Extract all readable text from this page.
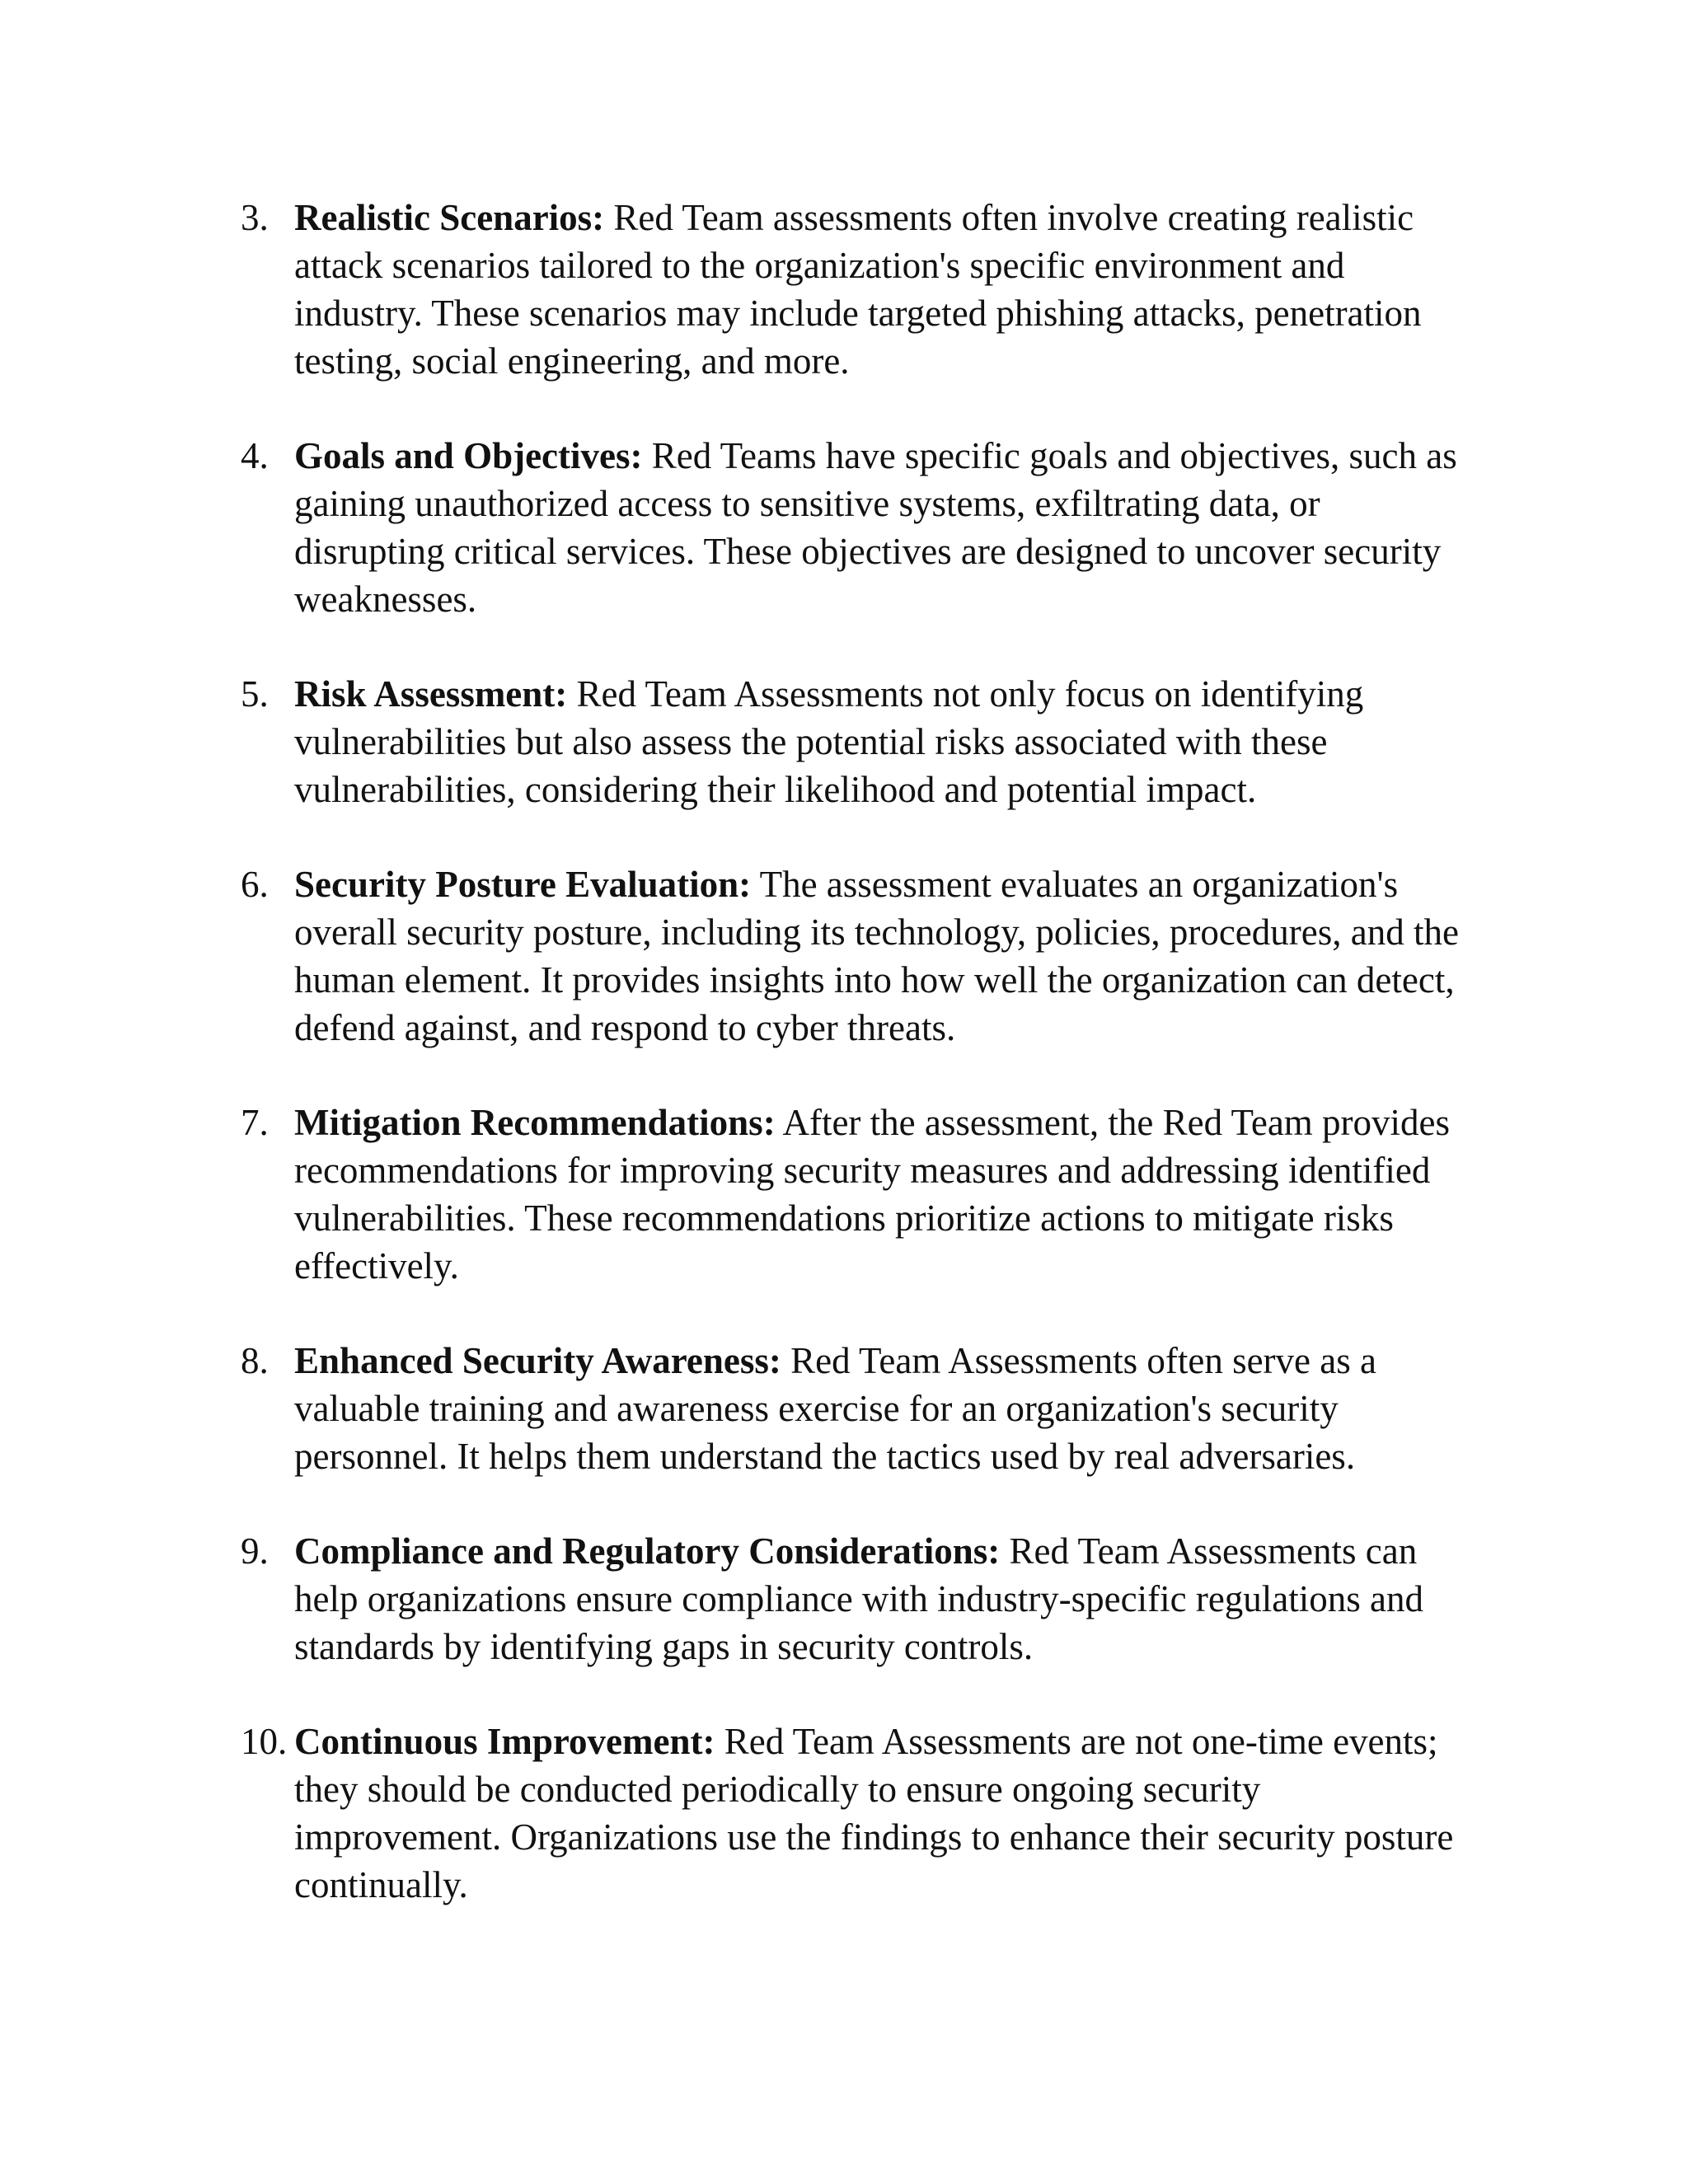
3. Realistic Scenarios: Red Team assessments often involve creating realistic attack scenarios tailored to the organization's specific environment and industry. These scenarios may include targeted phishing attacks, penetration testing, social engineering, and more.
4. Goals and Objectives: Red Teams have specific goals and objectives, such as gaining unauthorized access to sensitive systems, exfiltrating data, or disrupting critical services. These objectives are designed to uncover security weaknesses.
5. Risk Assessment: Red Team Assessments not only focus on identifying vulnerabilities but also assess the potential risks associated with these vulnerabilities, considering their likelihood and potential impact.
6. Security Posture Evaluation: The assessment evaluates an organization's overall security posture, including its technology, policies, procedures, and the human element. It provides insights into how well the organization can detect, defend against, and respond to cyber threats.
7. Mitigation Recommendations: After the assessment, the Red Team provides recommendations for improving security measures and addressing identified vulnerabilities. These recommendations prioritize actions to mitigate risks effectively.
8. Enhanced Security Awareness: Red Team Assessments often serve as a valuable training and awareness exercise for an organization's security personnel. It helps them understand the tactics used by real adversaries.
9. Compliance and Regulatory Considerations: Red Team Assessments can help organizations ensure compliance with industry-specific regulations and standards by identifying gaps in security controls.
10. Continuous Improvement: Red Team Assessments are not one-time events; they should be conducted periodically to ensure ongoing security improvement. Organizations use the findings to enhance their security posture continually.
